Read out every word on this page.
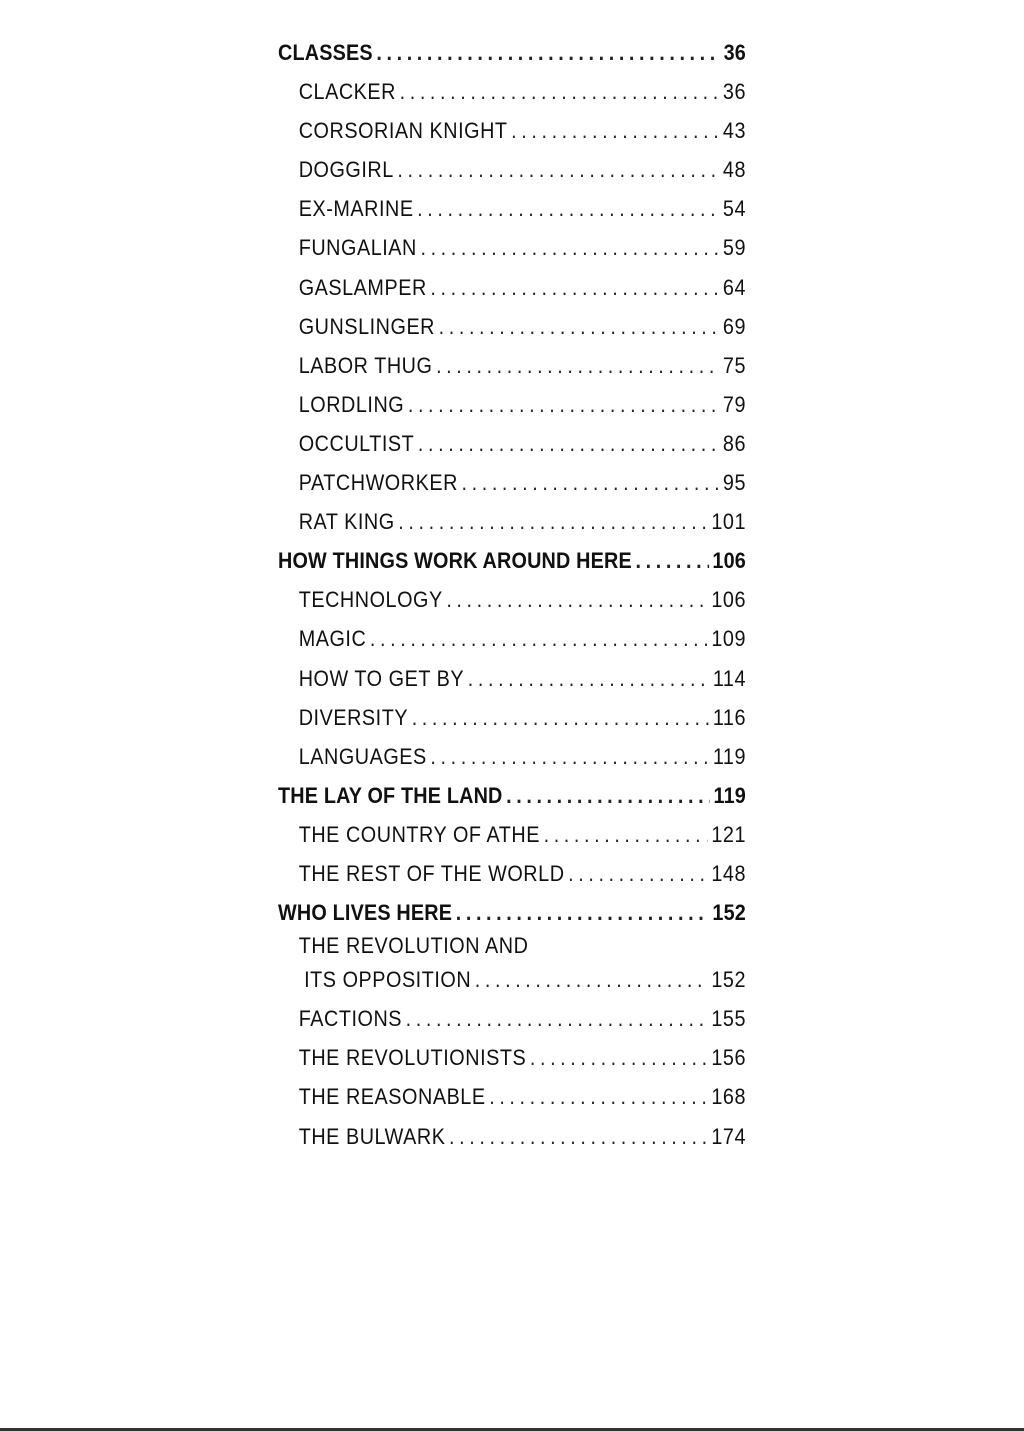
CLASSES . . .	36
CLACKER . . .	36
CORSORIAN KNIGHT . . .	43
DOGGIRL . . .	48
EX-MARINE . . .	54
FUNGALIAN . . .	59
GASLAMPER . . .	64
GUNSLINGER . . .	69
LABOR THUG . . .	75
LORDLING . . .	79
OCCULTIST . . .	86
PATCHWORKER . . .	95
RAT KING . . .	101
HOW THINGS WORK AROUND HERE . . .	106
TECHNOLOGY . . .	106
MAGIC . . .	109
HOW TO GET BY . . .	114
DIVERSITY . . .	116
LANGUAGES . . .	119
THE LAY OF THE LAND . . .	119
THE COUNTRY OF ATHE . . .	121
THE REST OF THE WORLD . . .	148
WHO LIVES HERE . . .	152
THE REVOLUTION AND
ITS OPPOSITION . . .	152
FACTIONS . . .	155
THE REVOLUTIONISTS . . .	156
THE REASONABLE . . .	168
THE BULWARK . . .	174
